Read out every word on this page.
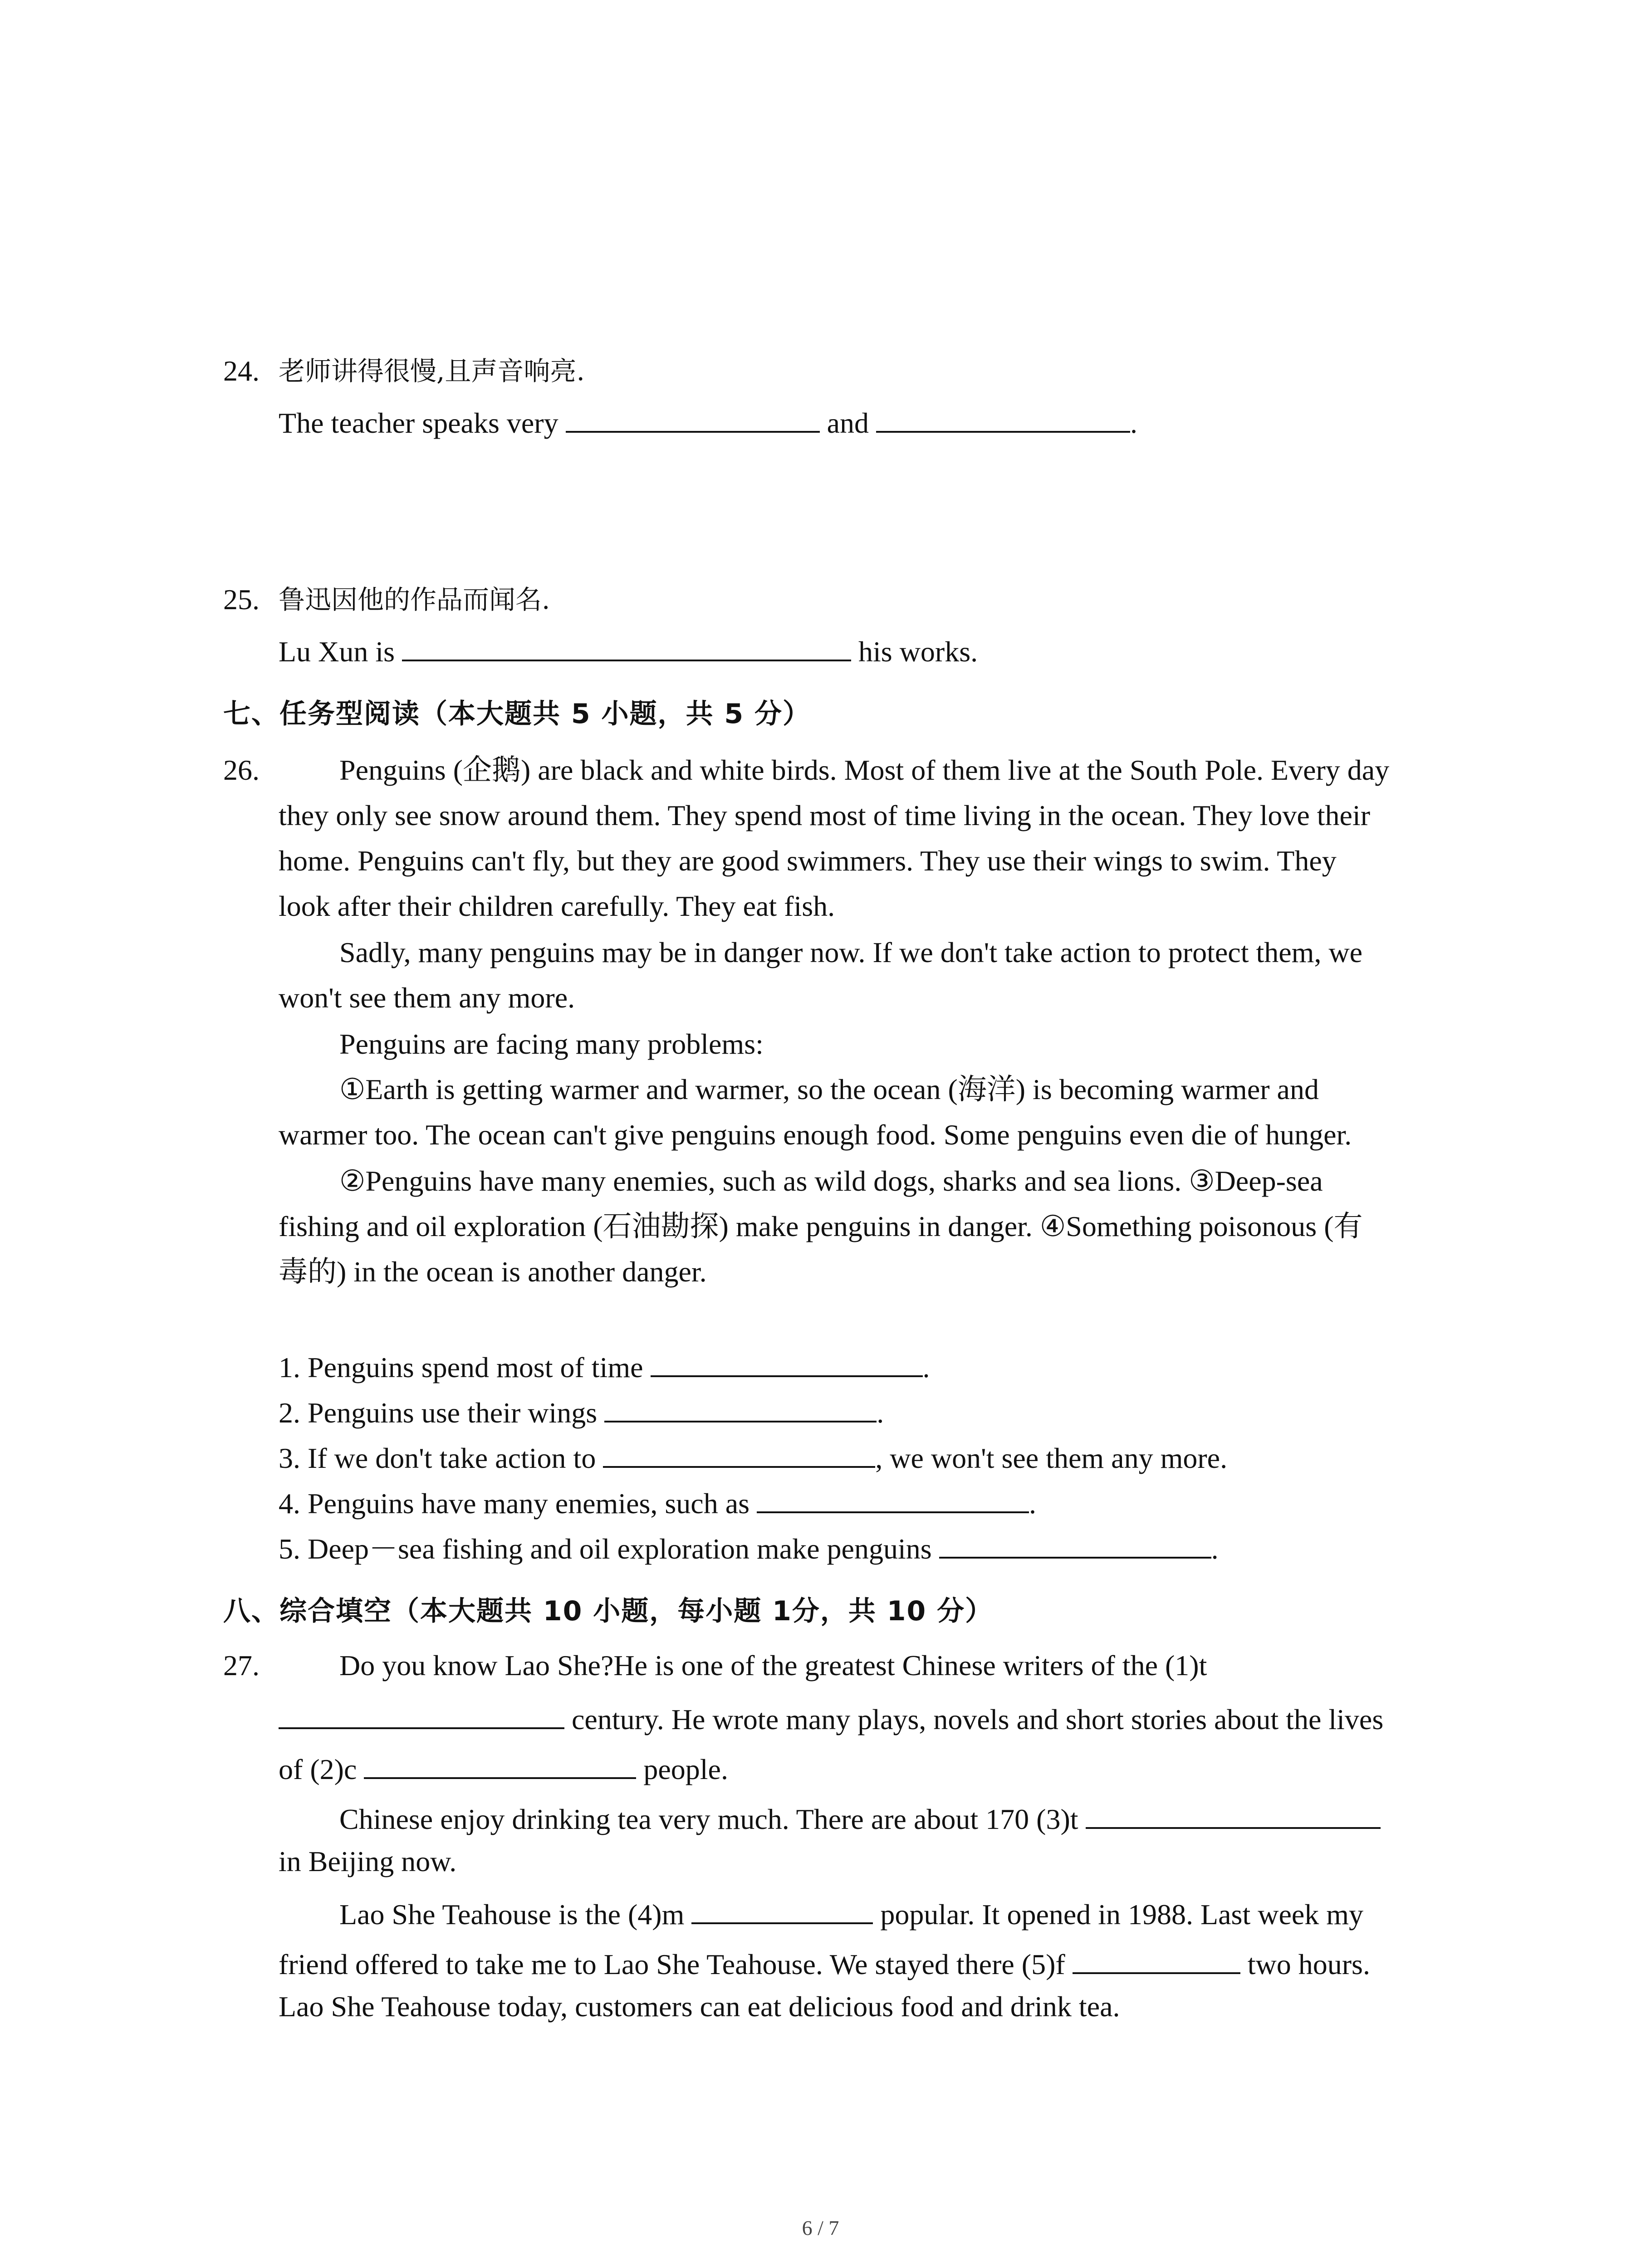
24. 老师讲得很慢,且声音响亮.
The teacher speaks very	and	.
25. 鲁迅因他的作品而闻名.
Lu Xun is	his works.
七、任务型阅读（本大题共 5 小题，共 5 分）
26.	Penguins (企鹅) are black and white birds. Most of them live at the South Pole. Every day
they only see snow around them. They spend most of time living in the ocean. They love their
home. Penguins can't fly, but they are good swimmers. They use their wings to swim. They
look after their children carefully. They eat fish.
Sadly, many penguins may be in danger now. If we don't take action to protect them, we
won't see them any more.
Penguins are facing many problems:
①Earth is getting warmer and warmer, so the ocean (海洋) is becoming warmer and
warmer too. The ocean can't give penguins enough food. Some penguins even die of hunger.
②Penguins have many enemies, such as wild dogs, sharks and sea lions. ③Deep-sea
fishing and oil exploration (石油勘探) make penguins in danger. ④Something poisonous (有
毒的) in the ocean is another danger.
1. Penguins spend most of time	.
2. Penguins use their wings	.
3. If we don't take action to	, we won't see them any more.
4. Penguins have many enemies, such as	.
5. Deep－sea fishing and oil exploration make penguins	.
八、综合填空（本大题共 10 小题，每小题 1分，共 10 分）
27.	Do you know Lao She?He is one of the greatest Chinese writers of the (1)t
century. He wrote many plays, novels and short stories about the lives
of (2)c	people.
Chinese enjoy drinking tea very much. There are about 170 (3)t
in Beijing now.
Lao She Teahouse is the (4)m	popular. It opened in 1988. Last week my
friend offered to take me to Lao She Teahouse. We stayed there (5)f	two hours.
Lao She Teahouse today, customers can eat delicious food and drink tea.
6 / 7
